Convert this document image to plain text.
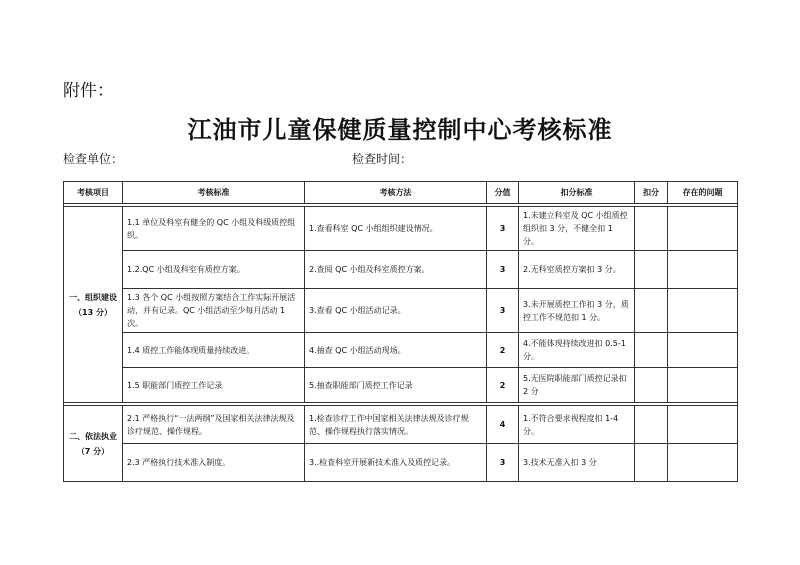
附件：
江油市儿童保健质量控制中心考核标准
检查单位：	检查时间：
考核项目	考核标准	考核方法	分值	扣分标准	扣分	存在的问题

一、组织建设
（13 分）	1.1 单位及科室有健全的 QC 小组及科级质控组织。	1.查看科室 QC 小组组织建设情况。	3	1.未建立科室及 QC 小组质控组织扣 3 分，不健全扣 1 分。		
	1.2.QC 小组及科室有质控方案。	2.查阅 QC 小组及科室质控方案。	3	2.无科室质控方案扣 3 分。		
	1.3 各个 QC 小组按照方案结合工作实际开展活动，并有记录。QC 小组活动至少每月活动 1 次。	3.查看 QC 小组活动记录。	3	3.未开展质控工作扣 3 分，质控工作不规范扣 1 分。		
	1.4 质控工作能体现质量持续改进。	4.抽查 QC 小组活动现场。	2	4.不能体现持续改进扣 0.5-1 分。		
	1.5 职能部门质控工作记录	5.抽查职能部门质控工作记录	2	5.无医院职能部门质控记录扣 2 分		

二、依法执业
（7 分）	2.1 严格执行“一法两纲”及国家相关法律法规及诊疗规范、操作规程。	1.检查诊疗工作中国家相关法律法规及诊疗规范、操作规程执行落实情况。	4	1.不符合要求视程度扣 1-4 分。		
	2.3 严格执行技术准入制度。	3..检查科室开展新技术准入及质控记录。	3	3.技术无准入扣 3 分		
